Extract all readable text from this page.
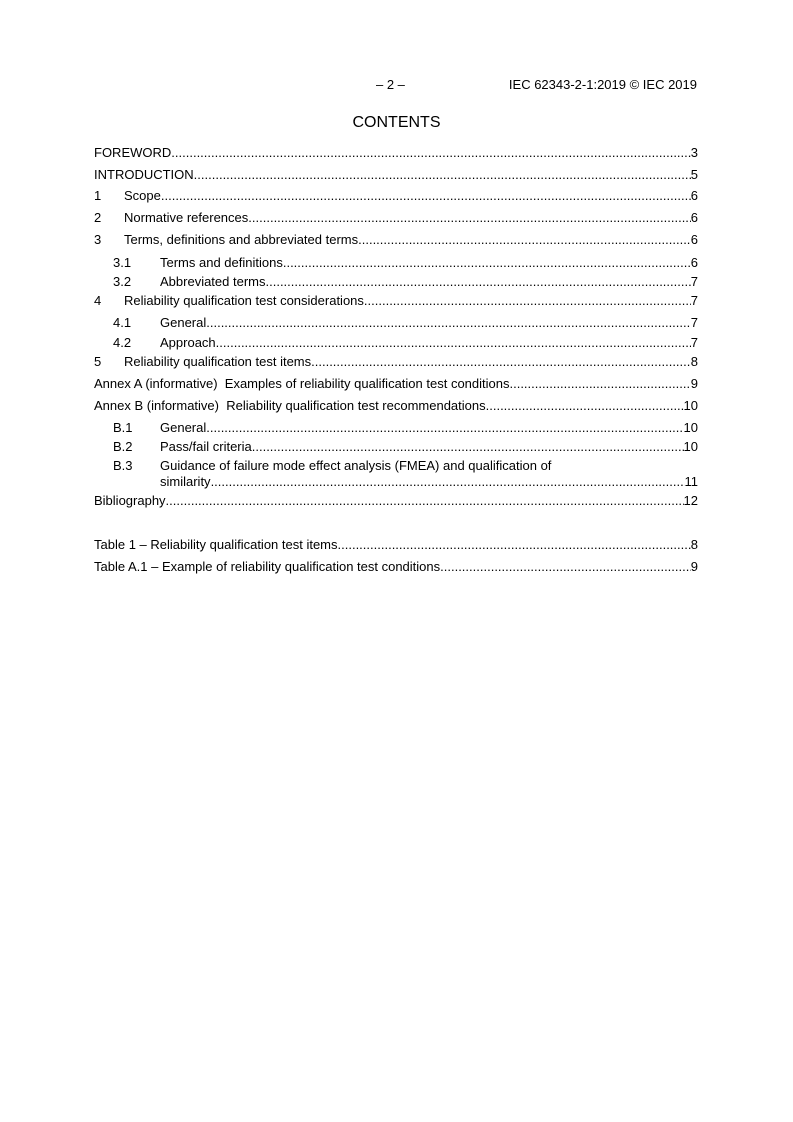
– 2 –	IEC 62343-2-1:2019 © IEC 2019
CONTENTS
FOREWORD .....	3
INTRODUCTION .....	5
1 Scope .....	6
2 Normative references .....	6
3 Terms, definitions and abbreviated terms .....	6
3.1 Terms and definitions .....	6
3.2 Abbreviated terms .....	7
4 Reliability qualification test considerations .....	7
4.1 General .....	7
4.2 Approach .....	7
5 Reliability qualification test items .....	8
Annex A (informative)  Examples of reliability qualification test conditions .....	9
Annex B (informative)  Reliability qualification test recommendations .....	10
B.1 General .....	10
B.2 Pass/fail criteria .....	10
B.3 Guidance of failure mode effect analysis (FMEA) and qualification of
similarity .....	11
Bibliography .....	12
Table 1 – Reliability qualification test items .....	8
Table A.1 – Example of reliability qualification test conditions .....	9
